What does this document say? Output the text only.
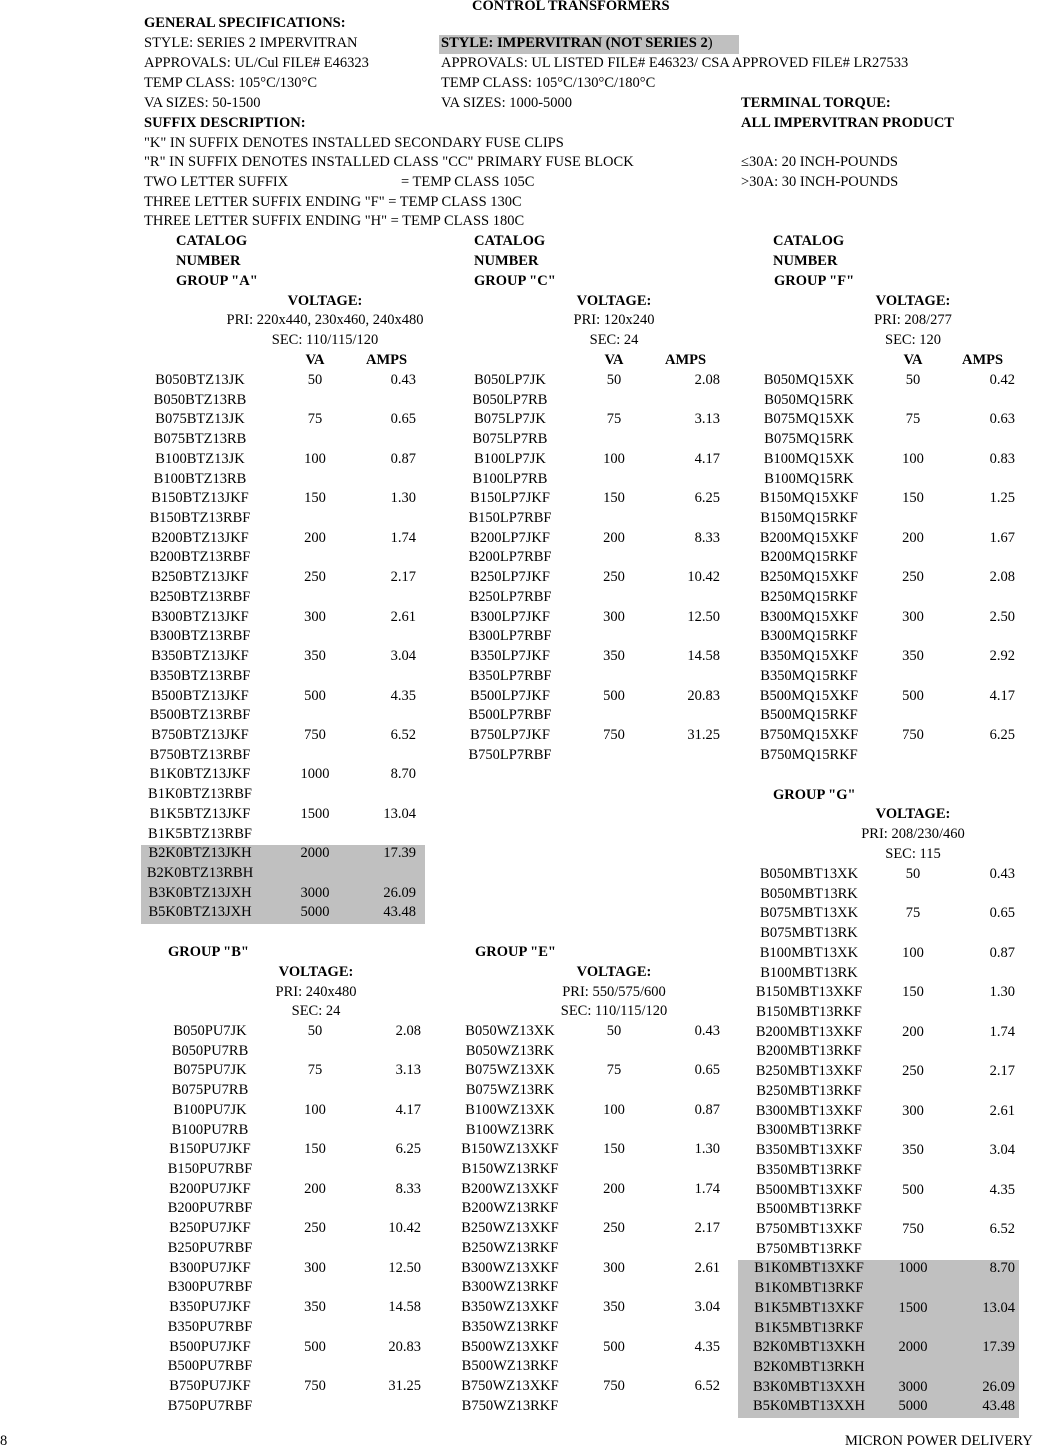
CONTROL TRANSFORMERS
GENERAL SPECIFICATIONS:
STYLE: SERIES 2 IMPERVITRAN
APPROVALS: UL/Cul FILE# E46323
TEMP CLASS: 105°C/130°C
VA SIZES: 50-1500
STYLE: IMPERVITRAN (NOT SERIES 2)
APPROVALS: UL LISTED FILE# E46323/ CSA APPROVED FILE# LR27533
TEMP CLASS: 105°C/130°C/180°C
VA SIZES: 1000-5000	TERMINAL TORQUE:
ALL IMPERVITRAN PRODUCT
≤30A: 20 INCH-POUNDS
>30A: 30 INCH-POUNDS
SUFFIX DESCRIPTION:
"K" IN SUFFIX DENOTES INSTALLED SECONDARY FUSE CLIPS
"R" IN SUFFIX DENOTES INSTALLED CLASS "CC" PRIMARY FUSE BLOCK
TWO LETTER SUFFIX	= TEMP CLASS 105C
THREE LETTER SUFFIX ENDING "F" = TEMP CLASS 130C
THREE LETTER SUFFIX ENDING "H" = TEMP CLASS 180C
CATALOG
NUMBER
GROUP "A"
CATALOG
NUMBER
GROUP "C"
CATALOG
NUMBER
GROUP "F"
VOLTAGE:
PRI: 220x440, 230x460, 240x480
SEC: 110/115/120
VA	AMPS
VOLTAGE:
PRI: 120x240
SEC: 24
VA	AMPS
VOLTAGE:
PRI: 208/277
SEC: 120
VA	AMPS
GROUP "G"
VOLTAGE:
PRI: 208/230/460
SEC: 115
GROUP "B"
VOLTAGE:
PRI: 240x480
SEC: 24
GROUP "E"
VOLTAGE:
PRI: 550/575/600
SEC: 110/115/120
B050BTZ13JK	50	0.43
B050BTZ13RB
B075BTZ13JK	75	0.65
B075BTZ13RB
B100BTZ13JK	100	0.87
B100BTZ13RB
B150BTZ13JKF	150	1.30
B150BTZ13RBF
B200BTZ13JKF	200	1.74
B200BTZ13RBF
B250BTZ13JKF	250	2.17
B250BTZ13RBF
B300BTZ13JKF	300	2.61
B300BTZ13RBF
B350BTZ13JKF	350	3.04
B350BTZ13RBF
B500BTZ13JKF	500	4.35
B500BTZ13RBF
B750BTZ13JKF	750	6.52
B750BTZ13RBF
B1K0BTZ13JKF	1000	8.70
B1K0BTZ13RBF
B1K5BTZ13JKF	1500	13.04
B1K5BTZ13RBF
B2K0BTZ13JKH	2000	17.39
B2K0BTZ13RBH
B3K0BTZ13JXH	3000	26.09
B5K0BTZ13JXH	5000	43.48
B050LP7JK	50	2.08
B050LP7RB
B075LP7JK	75	3.13
B075LP7RB
B100LP7JK	100	4.17
B100LP7RB
B150LP7JKF	150	6.25
B150LP7RBF
B200LP7JKF	200	8.33
B200LP7RBF
B250LP7JKF	250	10.42
B250LP7RBF
B300LP7JKF	300	12.50
B300LP7RBF
B350LP7JKF	350	14.58
B350LP7RBF
B500LP7JKF	500	20.83
B500LP7RBF
B750LP7JKF	750	31.25
B750LP7RBF
B050MQ15XK	50	0.42
B050MQ15RK
B075MQ15XK	75	0.63
B075MQ15RK
B100MQ15XK	100	0.83
B100MQ15RK
B150MQ15XKF	150	1.25
B150MQ15RKF
B200MQ15XKF	200	1.67
B200MQ15RKF
B250MQ15XKF	250	2.08
B250MQ15RKF
B300MQ15XKF	300	2.50
B300MQ15RKF
B350MQ15XKF	350	2.92
B350MQ15RKF
B500MQ15XKF	500	4.17
B500MQ15RKF
B750MQ15XKF	750	6.25
B750MQ15RKF
B050MBT13XK	50	0.43
B050MBT13RK
B075MBT13XK	75	0.65
B075MBT13RK
B100MBT13XK	100	0.87
B100MBT13RK
B150MBT13XKF	150	1.30
B150MBT13RKF
B200MBT13XKF	200	1.74
B200MBT13RKF
B250MBT13XKF	250	2.17
B250MBT13RKF
B300MBT13XKF	300	2.61
B300MBT13RKF
B350MBT13XKF	350	3.04
B350MBT13RKF
B500MBT13XKF	500	4.35
B500MBT13RKF
B750MBT13XKF	750	6.52
B750MBT13RKF
B1K0MBT13XKF	1000	8.70
B1K0MBT13RKF
B1K5MBT13XKF	1500	13.04
B1K5MBT13RKF
B2K0MBT13XKH	2000	17.39
B2K0MBT13RKH
B3K0MBT13XXH	3000	26.09
B5K0MBT13XXH	5000	43.48
B050PU7JK	50	2.08
B050PU7RB
B075PU7JK	75	3.13
B075PU7RB
B100PU7JK	100	4.17
B100PU7RB
B150PU7JKF	150	6.25
B150PU7RBF
B200PU7JKF	200	8.33
B200PU7RBF
B250PU7JKF	250	10.42
B250PU7RBF
B300PU7JKF	300	12.50
B300PU7RBF
B350PU7JKF	350	14.58
B350PU7RBF
B500PU7JKF	500	20.83
B500PU7RBF
B750PU7JKF	750	31.25
B750PU7RBF
B050WZ13XK	50	0.43
B050WZ13RK
B075WZ13XK	75	0.65
B075WZ13RK
B100WZ13XK	100	0.87
B100WZ13RK
B150WZ13XKF	150	1.30
B150WZ13RKF
B200WZ13XKF	200	1.74
B200WZ13RKF
B250WZ13XKF	250	2.17
B250WZ13RKF
B300WZ13XKF	300	2.61
B300WZ13RKF
B350WZ13XKF	350	3.04
B350WZ13RKF
B500WZ13XKF	500	4.35
B500WZ13RKF
B750WZ13XKF	750	6.52
B750WZ13RKF
8	MICRON POWER DELIVERY
